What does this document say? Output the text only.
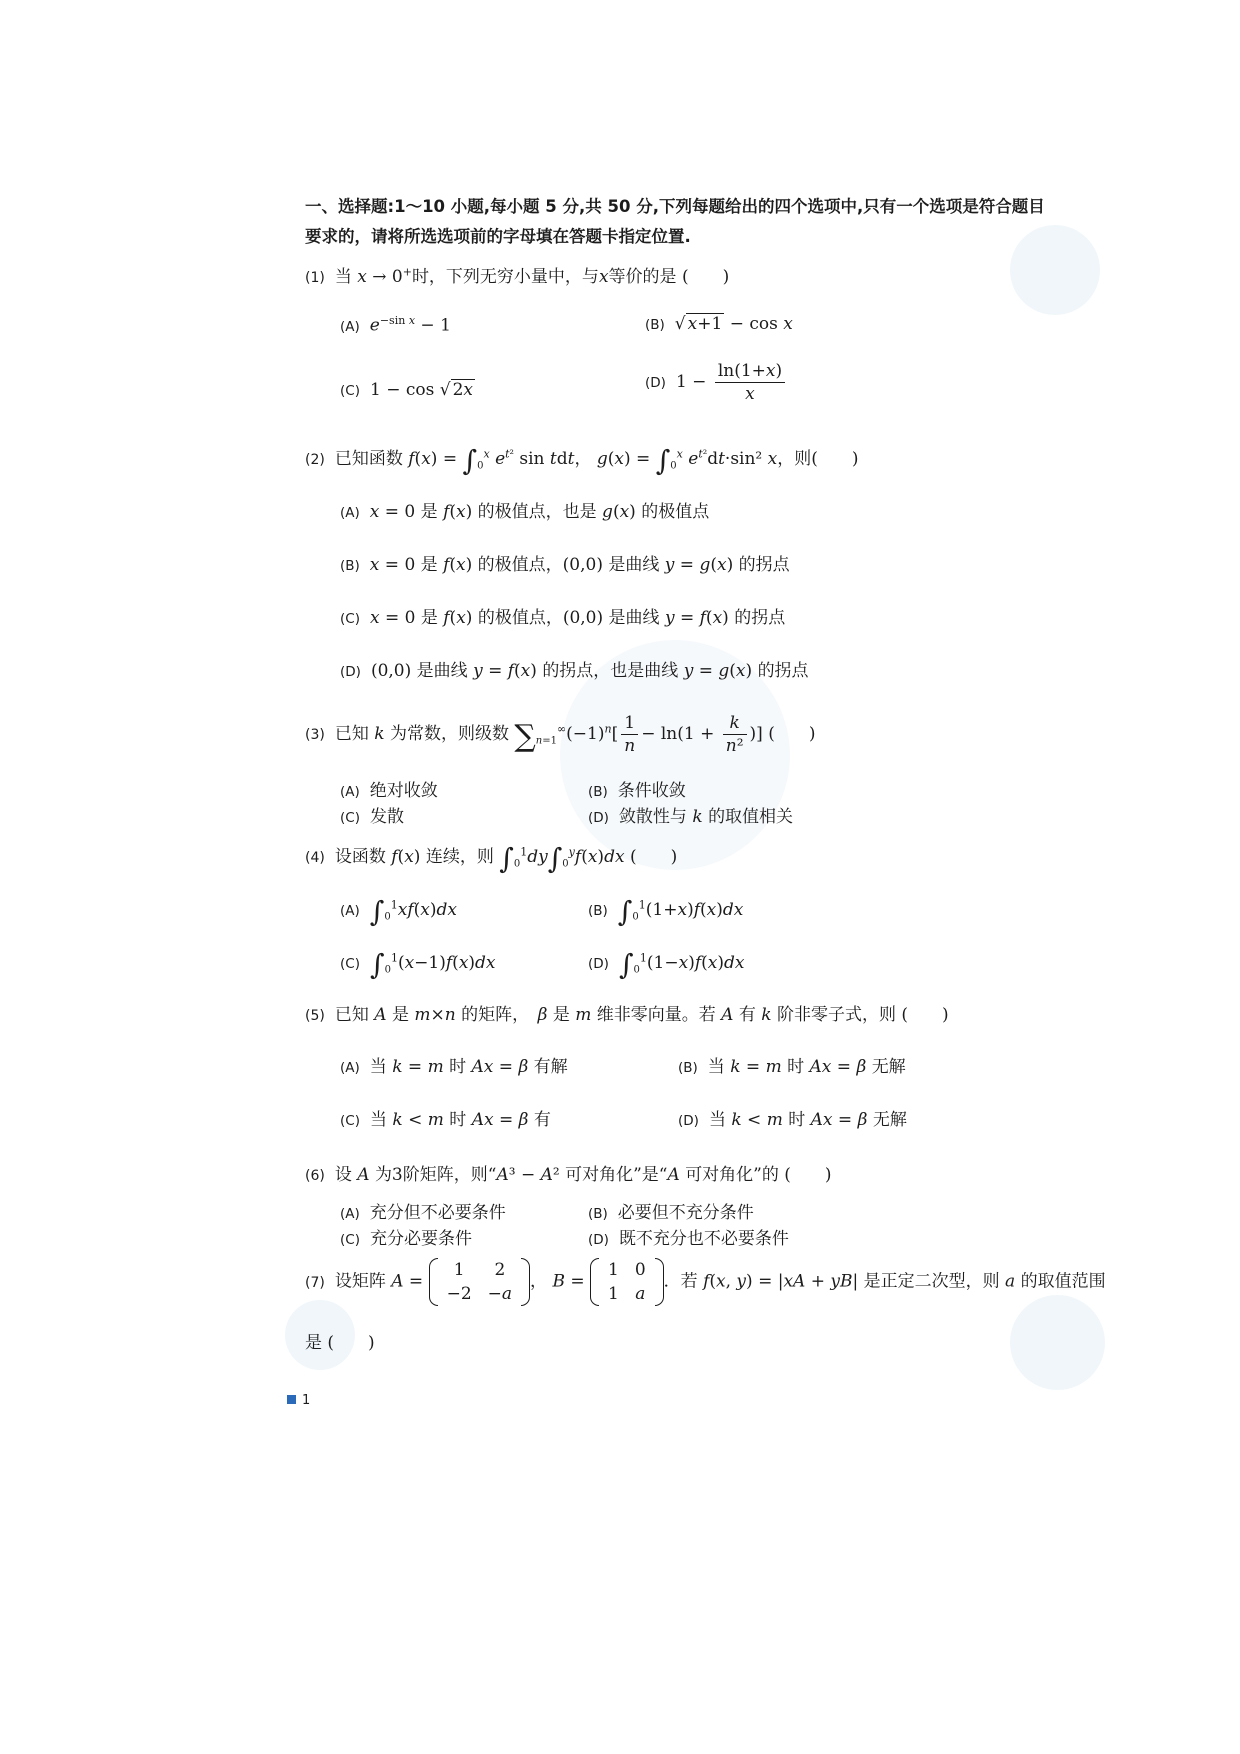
一、选择题:1～10 小题,每小题 5 分,共 50 分,下列每题给出的四个选项中,只有一个选项是符合题目
要求的，请将所选选项前的字母填在答题卡指定位置.
(1) 当 x → 0+时，下列无穷小量中，与x等价的是 (　　)
(A) $e^{-sin x} - 1$	(B) √ x+1 − cos x
(C) 1 − cos √ 2x	(D) $1 - \frac{\ln(1+x)}{x}$
(2) 已知函数 $f(x) = \int_0^x$ $e^{t^2}$ sin tdt， $g(x) = \int_0^x$ $e^{t^2}dt\cdot\sin^2$ x，则(　　)
(A) x = 0 是 f(x) 的极值点，也是 g(x) 的极值点
(B) x = 0 是 f(x) 的极值点，(0,0) 是曲线 y = g(x) 的拐点
(C) x = 0 是 f(x) 的极值点，(0,0) 是曲线 y = f(x) 的拐点
(D) (0,0) 是曲线 y = f(x) 的拐点，也是曲线 y = g(x) 的拐点
(3) 已知 k 为常数，则级数 $\sum_{n=1}^\infty(-1)^n[ \frac{1}{n} - \ln(1 + \frac{k}{\text{n²}}$ )] (　　)
(A) 绝对收敛	(B) 条件收敛
(C) 发散	(D) 敛散性与 k 的取值相关
(4) 设函数 f(x) 连续，则 $\int_0^1dy\int_0^yf(x)dx$ (　　)
(A) $\int_0^1xf(x)dx$	(B) $\int_0^1(1+x)f(x)dx$
(C) $\int_0^1(x-1)f(x)dx$	(D) $\int_0^1(1-x)f(x)dx$
(5) 已知 A 是 m×n 的矩阵，　 β 是 m 维非零向量。若 A 有 k 阶非零子式，则 (　　)
(A) 当 k = m 时 Ax = β 有解	(B) 当 k = m 时 Ax = β 无解
(C) 当 k < m 时 Ax = β 有	(D) 当 k < m 时 Ax = β 无解
(6) 设 A 为3阶矩阵，则“A³ − A² 可对角化”是“A 可对角化”的 (　　)
(A) 充分但不必要条件	(B) 必要但不充分条件
(C) 充分必要条件	(D) 既不充分也不必要条件
(7) 设矩阵 A =
1	2
−2	−a
， B =
1	0
1	a
．若 f(x, y) = |xA + yB| 是正定二次型，则 a 的取值范围
是 (　　)
1
